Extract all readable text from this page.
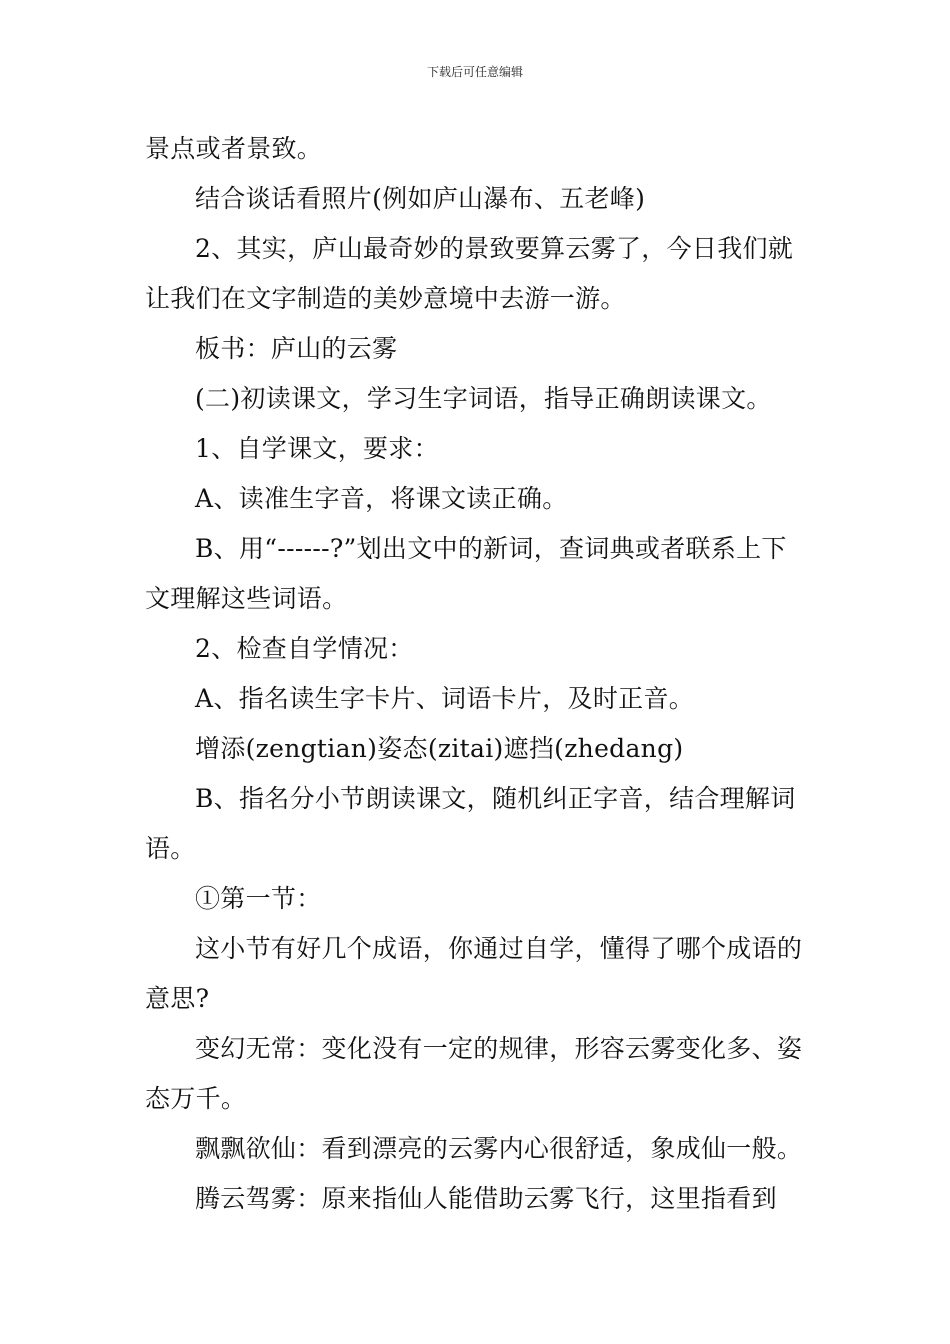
下载后可任意编辑

景点或者景致。

结合谈话看照片(例如庐山瀑布、五老峰)

2、其实，庐山最奇妙的景致要算云雾了，今日我们就让我们在文字制造的美妙意境中去游一游。

板书：庐山的云雾

(二)初读课文，学习生字词语，指导正确朗读课文。

1、自学课文，要求：

A、读准生字音，将课文读正确。

B、用“------?”划出文中的新词，查词典或者联系上下文理解这些词语。

2、检查自学情况：

A、指名读生字卡片、词语卡片，及时正音。

增添(zengtian)姿态(zitai)遮挡(zhedang)

B、指名分小节朗读课文，随机纠正字音，结合理解词语。

①第一节：

这小节有好几个成语，你通过自学，懂得了哪个成语的意思?

变幻无常：变化没有一定的规律，形容云雾变化多、姿态万千。

飘飘欲仙：看到漂亮的云雾内心很舒适，象成仙一般。

腾云驾雾：原来指仙人能借助云雾飞行，这里指看到
